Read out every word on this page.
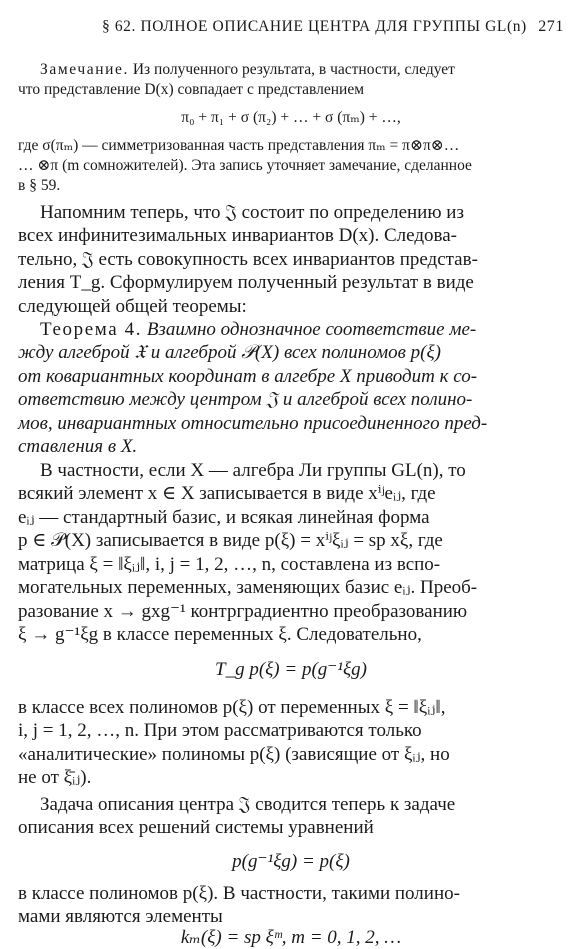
§ 62. ПОЛНОЕ ОПИСАНИЕ ЦЕНТРА ДЛЯ ГРУППЫ GL(n) 271
Замечание. Из полученного результата, в частности, следует
что представление D(x) совпадает с представлением
π₀ + π₁ + σ (π₂) + … + σ (πₘ) + …,
где σ(πₘ) — симметризованная часть представления πₘ = π⊗π⊗…
… ⊗π (m сомножителей). Эта запись уточняет замечание, сделанное
в § 59.
Напомним теперь, что 𝔍 состоит по определению из
всех инфинитезимальных инвариантов D(x). Следова-
тельно, 𝔍 есть совокупность всех инвариантов представ-
ления T_g. Сформулируем полученный результат в виде
следующей общей теоремы:
Теорема 4. Взаимно однозначное соответствие ме-
жду алгеброй 𝔛 и алгеброй 𝒫(X) всех полиномов p(ξ)
от ковариантных координат в алгебре X приводит к со-
ответствию между центром 𝔍 и алгеброй всех полино-
мов, инвариантных относительно присоединенного пред-
ставления в X.
В частности, если X — алгебра Ли группы GL(n), то
всякий элемент x ∈ X записывается в виде xⁱʲeᵢⱼ, где
eᵢⱼ — стандартный базис, и всякая линейная форма
p ∈ 𝒫(X) записывается в виде p(ξ) = xⁱʲξᵢⱼ = sp xξ, где
матрица ξ = ‖ξᵢⱼ‖, i, j = 1, 2, …, n, составлена из вспо-
могательных переменных, заменяющих базис eᵢⱼ. Преоб-
разование x → gxg⁻¹ контрградиентно преобразованию
ξ → g⁻¹ξg в классе переменных ξ. Следовательно,
T_g p(ξ) = p(g⁻¹ξg)
в классе всех полиномов p(ξ) от переменных ξ = ‖ξᵢⱼ‖,
i, j = 1, 2, …, n. При этом рассматриваются только
«аналитические» полиномы p(ξ) (зависящие от ξᵢⱼ, но
не от ξ̄ᵢⱼ).
Задача описания центра 𝔍 сводится теперь к задаче
описания всех решений системы уравнений
p(g⁻¹ξg) = p(ξ)
в классе полиномов p(ξ). В частности, такими полино-
мами являются элементы
kₘ(ξ) = sp ξᵐ, m = 0, 1, 2, …
